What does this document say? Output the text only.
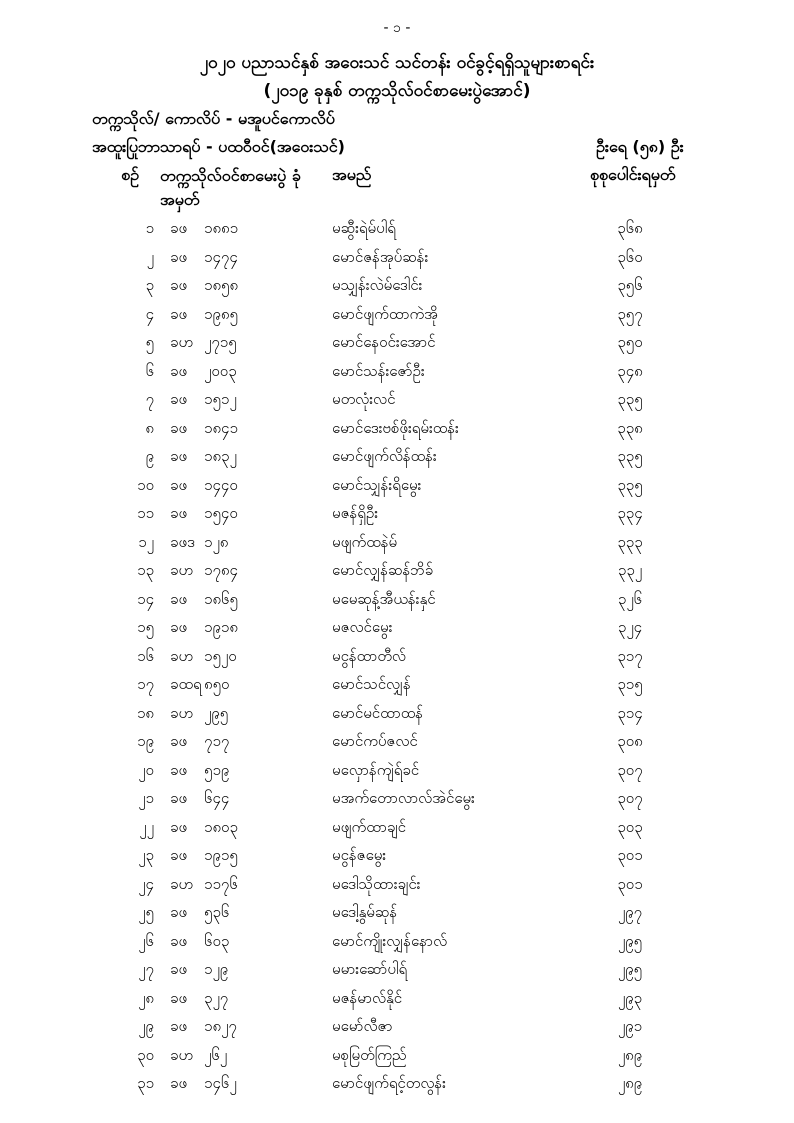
- ၁ -
၂၀၂၀ ပညာသင်နှစ် အဝေးသင် သင်တန်း ဝင်ခွင့်ရရှိသူများစာရင်း
(၂၀၁၉ ခုနှစ် တက္ကသိုလ်ဝင်စာမေးပွဲအောင်)
တက္ကသိုလ်/ ကောလိပ် - မအူပင်ကောလိပ်
အထူးပြုဘာသာရပ် - ပထဝီဝင်(အဝေးသင်)	ဦးရေ (၅၈) ဦး
စဉ်	တက္ကသိုလ်ဝင်စာမေးပွဲ ခုံအမှတ်
အမည်	စုစုပေါင်းရမှတ်
၁ ခဖ	၁၈၈၁	မဆွီးရဲမ်ပါရ်	၃၆၈
၂ ခဖ	၁၄၇၄	မောင်ဇန်အုပ်ဆန်း	၃၆၀
၃ ခဖ	၁၈၅၈	မသျှန်းလဲမ်ဒေါင်း	၃၅၆
၄ ခဖ	၁၉၈၅	မောင်ဖျက်ထာကဲအို	၃၅၇
၅ ခဟ ၂၇၁၅	မောင်နေဝင်းအောင်	၃၅၀
၆ ခဖ	၂၀၀၃	မောင်သန်းဇော်ဦး	၃၄၈
၇ ခဖ	၁၅၁၂	မတလုံးလင်	၃၃၅
၈ ခဖ	၁၈၄၁	မောင်ဒေးဗစ်ဖိုးရမ်းထန်း	၃၃၈
၉ ခဖ	၁၈၃၂	မောင်ဖျက်လိန်ထန်း	၃၃၅
၁၀ ခဖ	၁၄၄၀	မောင်သျှန်းရိမွေး	၃၃၅
၁၁ ခဖ	၁၅၄၀	မဇန်ရှိဦး	၃၃၄
၁၂ ခဖဒ ၁၂၈	မဖျက်ထနဲမ်	၃၃၃
၁၃ ခဟ ၁၇၈၄	မောင်လျှန်ဆန်ဘိခ်	၃၃၂
၁၄ ခဖ	၁၈၆၅	မမေဆုန့်အီယန်းနှင်	၃၂၆
၁၅ ခဖ	၁၉၁၈	မဇလင်မွေး	၃၂၄
၁၆ ခဟ ၁၅၂၀	မငွန်ထာတီလ်	၃၁၇
၁၇ ခထရ ၈၅၀	မောင်သင်လျှန်	၃၁၅
၁၈ ခဟ ၂၉၅	မောင်မင်ထာထန်	၃၁၄
၁၉ ခဖ	၇၁၇	မောင်ကပ်ဇလင်	၃၀၈
၂၀ ခဖ	၅၁၉	မလှောန်ကျဲရ်ခင်	၃၀၇
၂၁ ခဖ	၆၄၄	မအက်တောလာလ်အဲင်မွေး	၃၀၇
၂၂ ခဖ	၁၈၀၃	မဖျက်ထာချင်	၃၀၃
၂၃ ခဖ	၁၉၁၅	မငွန်ဇမွေး	၃၀၁
၂၄ ခဟ ၁၁၇၆	မဒေါသိုထားချင်း	၃၀၁
၂၅ ခဖ	၅၃၆	မဒေါ့နွမ်ဆုန်	၂၉၇
၂၆ ခဖ	၆၀၃	မောင်ကျိုးလျှန်နောလ်	၂၉၅
၂၇ ခဖ	၁၂၉	မမားဆော်ပါရ်	၂၉၅
၂၈ ခဖ	၃၂၇	မဇန်မာလ်နိုင်	၂၉၃
၂၉ ခဖ	၁၈၂၇	မမော်လီဇာ	၂၉၁
၃၀ ခဟ ၂၆၂	မစုမြတ်ကြည်	၂၈၉
၃၁ ခဖ	၁၄၆၂	မောင်ဖျက်ရင့်တလွန်း	၂၈၉
